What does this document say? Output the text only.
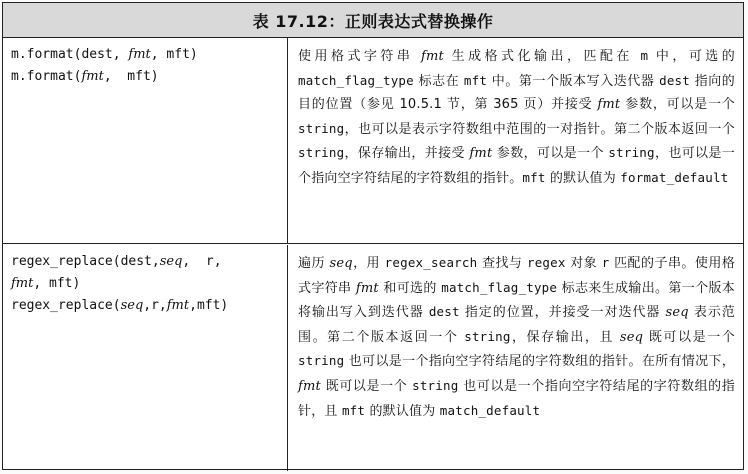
表 17.12：正则表达式替换操作
m.format(dest, fmt, mft)
m.format(fmt,  mft)
使用格式字符串 fmt 生成格式化输出，匹配在 m 中，可选的 match_flag_type 标志在 mft 中。第一个版本写入迭代器 dest 指向的目的位置（参见 10.5.1 节，第 365 页）并接受 fmt 参数，可以是一个 string，也可以是表示字符数组中范围的一对指针。第二个版本返回一个 string，保存输出，并接受 fmt 参数，可以是一个 string，也可以是一个指向空字符结尾的字符数组的指针。mft 的默认值为 format_default
regex_replace(dest,seq,  r,
fmt, mft)
regex_replace(seq,r,fmt,mft)
遍历 seq，用 regex_search 查找与 regex 对象 r 匹配的子串。使用格式字符串 fmt 和可选的 match_flag_type 标志来生成输出。第一个版本将输出写入到迭代器 dest 指定的位置，并接受一对迭代器 seq 表示范围。第二个版本返回一个 string，保存输出，且 seq 既可以是一个 string 也可以是一个指向空字符结尾的字符数组的指针。在所有情况下，fmt 既可以是一个 string 也可以是一个指向空字符结尾的字符数组的指针，且 mft 的默认值为 match_default
